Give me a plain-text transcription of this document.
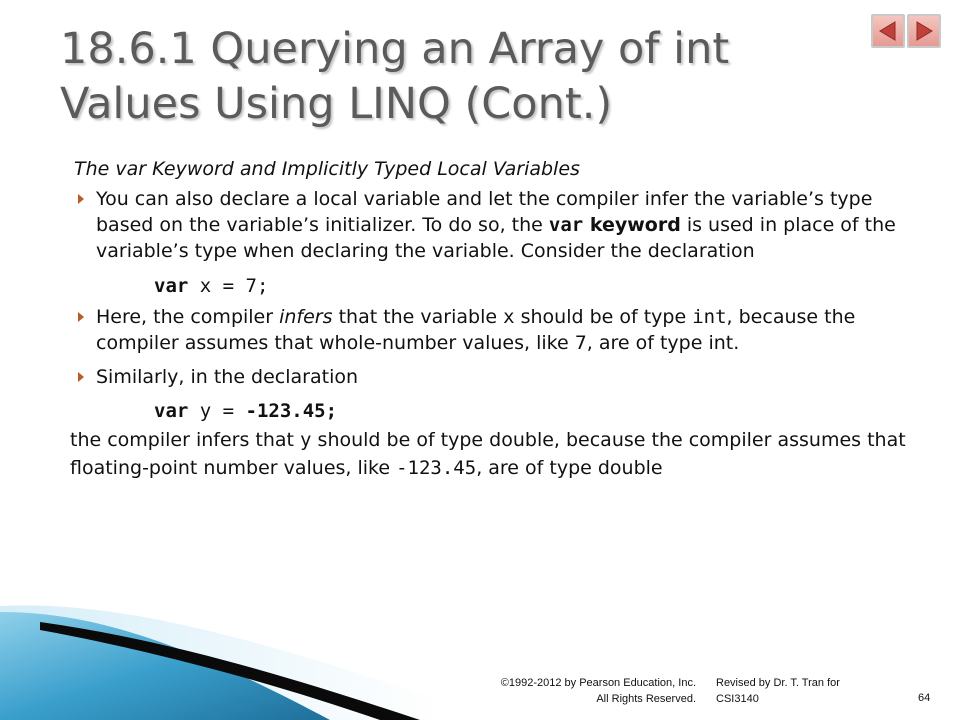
18.6.1 Querying an Array of int Values Using LINQ (Cont.)

The var Keyword and Implicitly Typed Local Variables

You can also declare a local variable and let the compiler infer the variable’s type based on the variable’s initializer. To do so, the var keyword is used in place of the variable’s type when declaring the variable. Consider the declaration

var x = 7;

Here, the compiler infers that the variable x should be of type int, because the compiler assumes that whole-number values, like 7, are of type int.

Similarly, in the declaration

var y = -123.45;

the compiler infers that y should be of type double, because the compiler assumes that floating-point number values, like -123.45, are of type double

©1992-2012 by Pearson Education, Inc.
All Rights Reserved.
Revised by Dr. T. Tran for
CSI3140	64
